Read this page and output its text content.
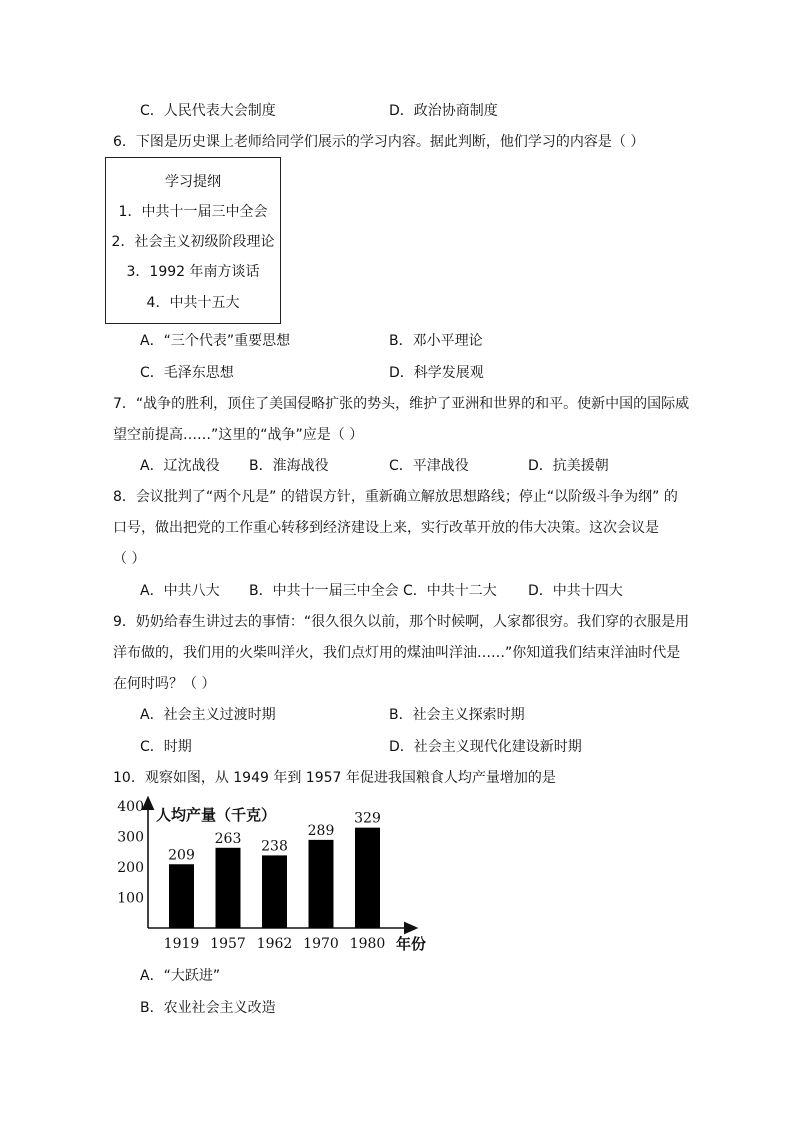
C．人民代表大会制度	D．政治协商制度
6．下图是历史课上老师给同学们展示的学习内容。据此判断，他们学习的内容是（ ）
学习提纲
1．中共十一届三中全会
2．社会主义初级阶段理论
3．1992 年南方谈话
4．中共十五大
A．“三个代表”重要思想	B．邓小平理论
C．毛泽东思想	D．科学发展观
7．“战争的胜利，顶住了美国侵略扩张的势头，维护了亚洲和世界的和平。使新中国的国际威
望空前提高……”这里的“战争”应是（ ）
A．辽沈战役 B．淮海战役	C．平津战役	D．抗美援朝
8．会议批判了“两个凡是” 的错误方针，重新确立解放思想路线；停止“以阶级斗争为纲” 的
口号，做出把党的工作重心转移到经济建设上来，实行改革开放的伟大决策。这次会议是
（ ）
A．中共八大 B．中共十一届三中全会 C．中共十二大 D．中共十四大
9．奶奶给春生讲过去的事情：“很久很久以前，那个时候啊，人家都很穷。我们穿的衣服是用
洋布做的，我们用的火柴叫洋火，我们点灯用的煤油叫洋油……”你知道我们结束洋油时代是
在何时吗？（ ）
A．社会主义过渡时期	B．社会主义探索时期
C．时期	D．社会主义现代化建设新时期
10．观察如图，从 1949 年到 1957 年促进我国粮食人均产量增加的是
人均产量（千克）
年份
100
200
300
400
209
1919
263
1957
238
1962
289
1970
329
1980
A．“大跃进”
B．农业社会主义改造
